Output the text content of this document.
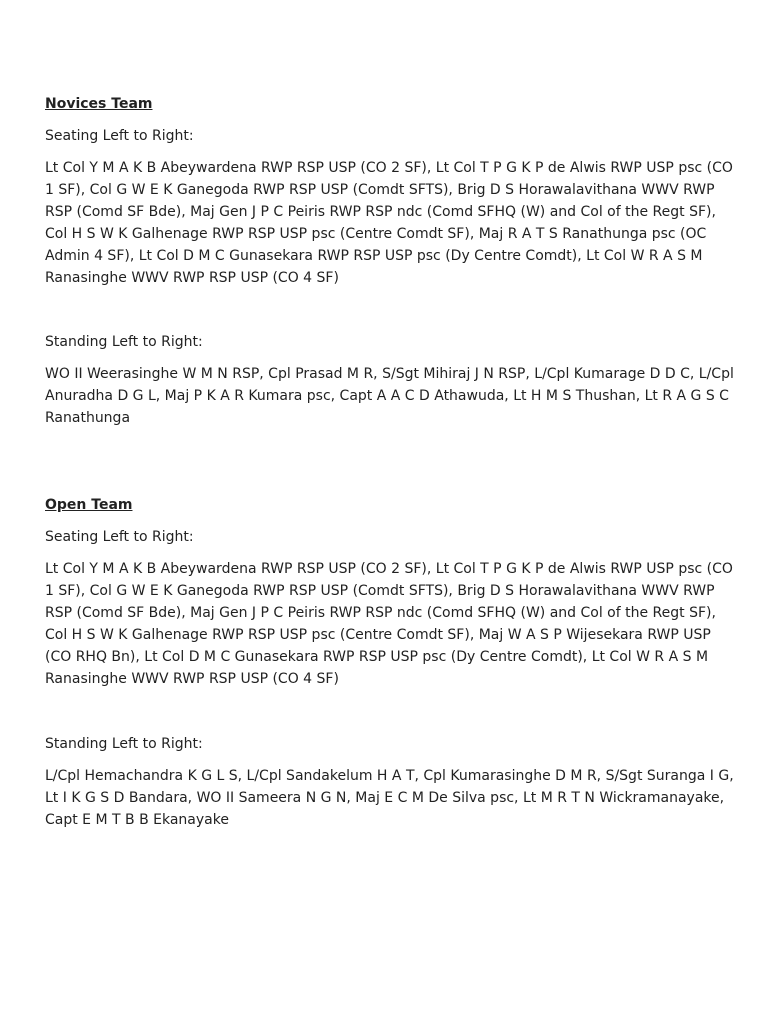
Novices Team
Seating Left to Right:
Lt Col Y M A K B Abeywardena RWP RSP USP (CO 2 SF), Lt Col T P G K P de Alwis RWP USP psc (CO 1 SF), Col G W E K Ganegoda RWP RSP USP (Comdt SFTS), Brig D S Horawalavithana WWV RWP RSP (Comd SF Bde), Maj Gen J P C Peiris RWP RSP ndc (Comd SFHQ (W) and Col of the Regt SF), Col H S W K Galhenage RWP RSP USP psc (Centre Comdt SF), Maj R A T S Ranathunga psc (OC Admin 4 SF), Lt Col D M C Gunasekara RWP RSP USP psc (Dy Centre Comdt), Lt Col W R A S M Ranasinghe WWV RWP RSP USP (CO 4 SF)
Standing Left to Right:
WO II Weerasinghe W M N RSP, Cpl Prasad M R, S/Sgt Mihiraj J N RSP, L/Cpl Kumarage D D C, L/Cpl Anuradha D G L, Maj P K A R Kumara psc, Capt A A C D Athawuda, Lt H M S Thushan, Lt R A G S C Ranathunga
Open Team
Seating Left to Right:
Lt Col Y M A K B Abeywardena RWP RSP USP (CO 2 SF), Lt Col T P G K P de Alwis RWP USP psc (CO 1 SF), Col G W E K Ganegoda RWP RSP USP (Comdt SFTS), Brig D S Horawalavithana WWV RWP RSP (Comd SF Bde), Maj Gen J P C Peiris RWP RSP ndc (Comd SFHQ (W) and Col of the Regt SF), Col H S W K Galhenage RWP RSP USP psc (Centre Comdt SF), Maj W A S P Wijesekara RWP USP (CO RHQ Bn), Lt Col D M C Gunasekara RWP RSP USP psc (Dy Centre Comdt), Lt Col W R A S M Ranasinghe WWV RWP RSP USP (CO 4 SF)
Standing Left to Right:
L/Cpl Hemachandra K G L S, L/Cpl Sandakelum H A T, Cpl Kumarasinghe D M R, S/Sgt Suranga I G, Lt I K G S D Bandara, WO II Sameera N G N, Maj E C M De Silva psc, Lt M R T N Wickramanayake, Capt E M T B B Ekanayake
